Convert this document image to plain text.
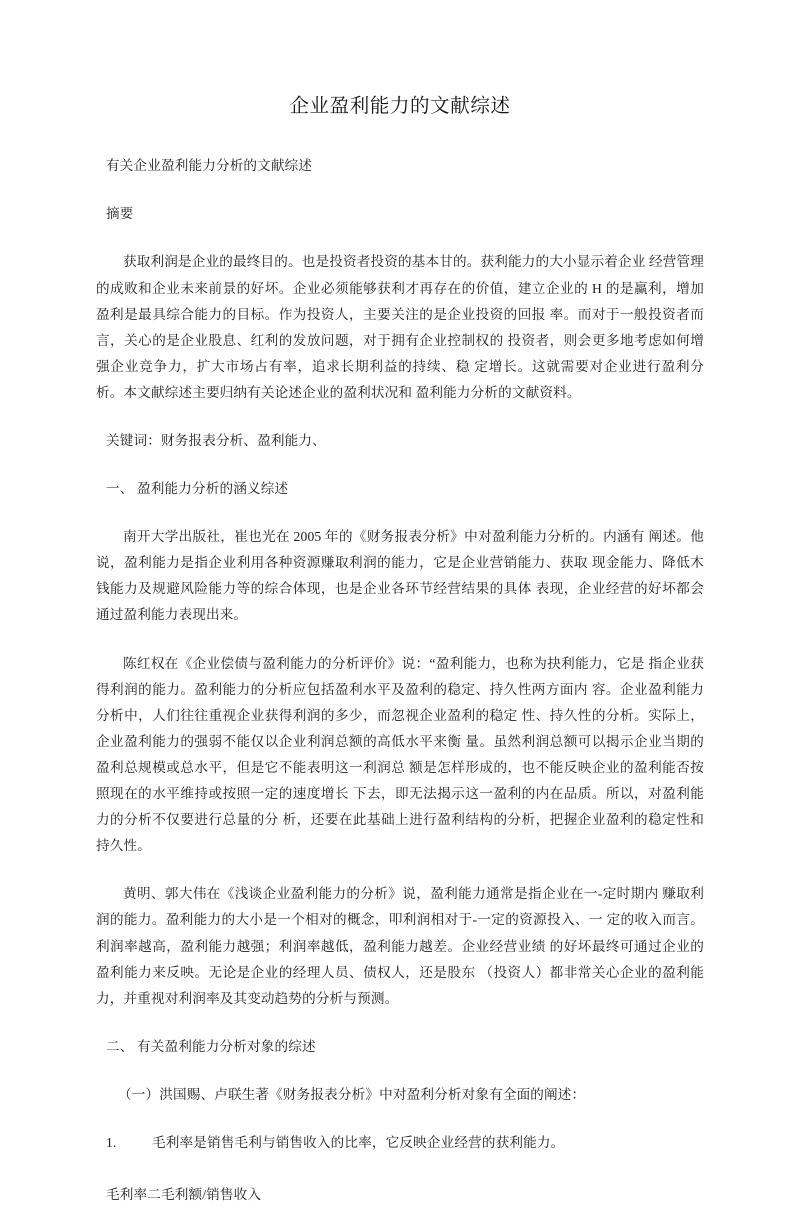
企业盈利能力的文献综述

有关企业盈利能力分析的文献综述

摘要

获取利润是企业的最终目的。也是投资者投资的基本甘的。获利能力的大小显示着企业 经营管理的成败和企业未来前景的好坏。企业必须能够获利才再存在的价值，建立企业的 H 的是赢利，增加盈利是最具综合能力的目标。作为投资人，主要关注的是企业投资的回报 率。而对于一般投资者而言，关心的是企业股息、红利的发放问题，对于拥有企业控制权的 投资者，则会更多地考虑如何增强企业竞争力，扩大市场占有率，追求长期利益的持续、稳 定增长。这就需要对企业进行盈利分析。本文献综述主要归纳有关论述企业的盈利状况和 盈利能力分析的文献资料。

关键词：财务报表分析、盈利能力、

一、 盈利能力分析的涵义综述

南开大学出版社，崔也光在 2005 年的《财务报表分析》中对盈利能力分析的。内涵有 阐述。他说，盈利能力是指企业利用各种资源赚取利润的能力，它是企业营销能力、获取 现金能力、降低木钱能力及规避风险能力等的综合体现，也是企业各环节经营结果的具体 表现，企业经营的好坏都会通过盈利能力表现出来。

陈红权在《企业偿债与盈利能力的分析评价》说：“盈利能力，也称为抉利能力，它是 指企业获得利润的能力。盈利能力的分析应包括盈利水平及盈利的稳定、持久性两方面内 容。企业盈利能力分析中，人们往往重视企业获得利润的多少，而忽视企业盈利的稳定 性、持久性的分析。实际上，企业盈利能力的强弱不能仅以企业利润总额的高低水平来衡 量。虽然利润总额可以揭示企业当期的盈利总规模或总水平，但是它不能表明这一利润总 额是怎样形成的，也不能反映企业的盈利能否按照现在的水平维持或按照一定的速度增长 下去，即无法揭示这一盈利的内在品质。所以，对盈利能力的分析不仅要进行总量的分 析，还要在此基础上进行盈利结构的分析，把握企业盈利的稳定性和持久性。

黄明、郭大伟在《浅谈企业盈利能力的分析》说，盈利能力通常是指企业在一-定时期内 赚取利润的能力。盈利能力的大小是一个相对的概念，叩利润相对于-一定的资源投入、一 定的收入而言。利润率越高，盈利能力越强；利润率越低，盈利能力越差。企业经营业绩 的好坏最终可通过企业的盈利能力来反映。无论是企业的经理人员、债权人，还是股东 （投资人）都非常关心企业的盈利能力，并重视对利润率及其变动趋势的分析与预测。

二、 有关盈利能力分析对象的综述

（一）洪国赐、卢联生著《财务报表分析》中对盈利分析对象有全面的阐述：

1.	毛利率是销售毛利与销售收入的比率，它反映企业经营的获利能力。

毛利率二毛利额/销售收入
